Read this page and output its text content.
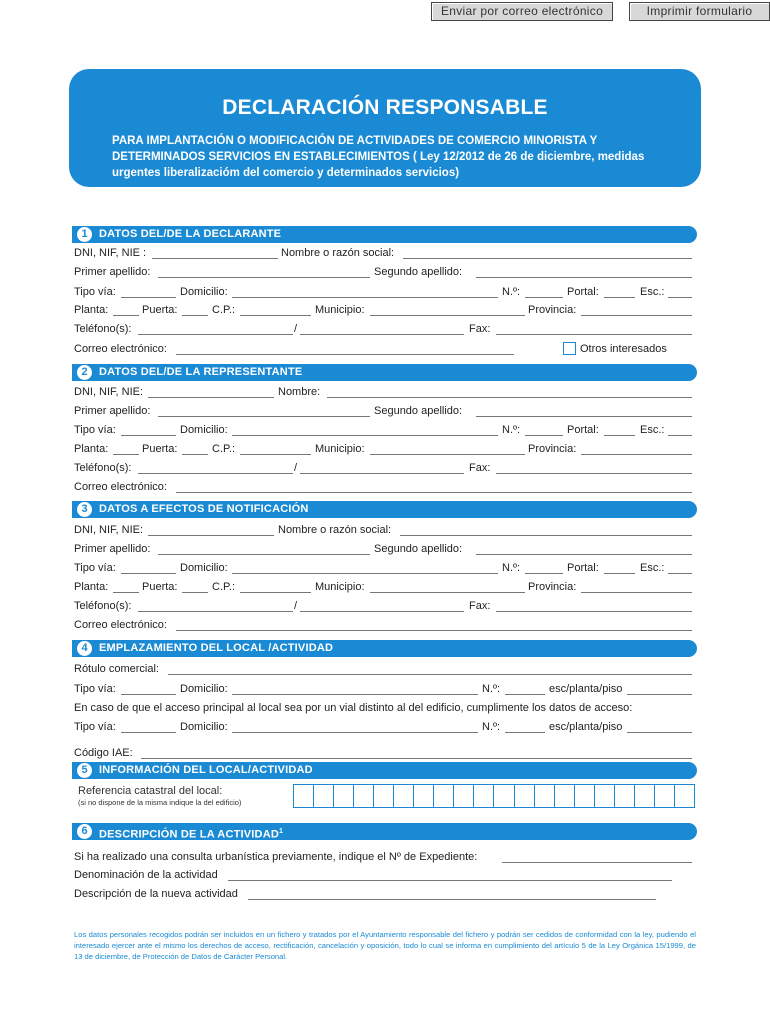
Enviar por correo electrónico	Imprimir formulario
DECLARACIÓN RESPONSABLE
PARA IMPLANTACIÓN O MODIFICACIÓN DE ACTIVIDADES DE COMERCIO MINORISTA Y DETERMINADOS SERVICIOS EN ESTABLECIMIENTOS ( Ley 12/2012 de 26 de diciembre, medidas urgentes liberalizacióm del comercio y determinados servicios)
1	DATOS DEL/DE LA DECLARANTE
DNI, NIF, NIE :	Nombre o razón social:
Primer apellido:	Segundo apellido:
Tipo vía:	Domicilio:	N.º:	Portal:	Esc.:
Planta:	Puerta:	C.P.:	Municipio:	Provincia:
Teléfono(s):	/	Fax:
Correo electrónico:	Otros interesados
2	DATOS DEL/DE LA REPRESENTANTE
DNI, NIF, NIE:	Nombre:
Primer apellido:	Segundo apellido:
Tipo vía:	Domicilio:	N.º:	Portal:	Esc.:
Planta:	Puerta:	C.P.:	Municipio:	Provincia:
Teléfono(s):	/	Fax:
Correo electrónico:
3	DATOS A EFECTOS DE NOTIFICACIÓN
DNI, NIF, NIE:	Nombre o razón social:
Primer apellido:	Segundo apellido:
Tipo vía:	Domicilio:	N.º:	Portal:	Esc.:
Planta:	Puerta:	C.P.:	Municipio:	Provincia:
Teléfono(s):	/	Fax:
Correo electrónico:
4	EMPLAZAMIENTO DEL LOCAL /ACTIVIDAD
Rótulo comercial:
Tipo vía:	Domicilio:	N.º:	esc/planta/piso
En caso de que el acceso principal al local sea por un vial distinto al del edificio, cumplimente los datos de acceso:
Tipo vía:	Domicilio:	N.º:	esc/planta/piso
Código IAE:
5	INFORMACIÓN DEL LOCAL/ACTIVIDAD
Referencia catastral del local:
(si no dispone de la misma indique la del edificio)
6	DESCRIPCIÓN DE LA ACTIVIDAD$^1$
Si ha realizado una consulta urbanística previamente, indique el Nº de Expediente:
Denominación de la actividad
Descripción de la nueva actividad
Los datos personales recogidos podrán ser incluidos en un fichero y tratados por el Ayuntamiento responsable del fichero y podrán ser cedidos de conformidad con la ley, pudiendo el interesado ejercer ante el mismo los derechos de acceso, rectificación, cancelación y oposición, todo lo cual se informa en cumplimiento del artículo 5 de la Ley Orgánica 15/1999, de 13 de diciembre, de Protección de Datos de Carácter Personal.
